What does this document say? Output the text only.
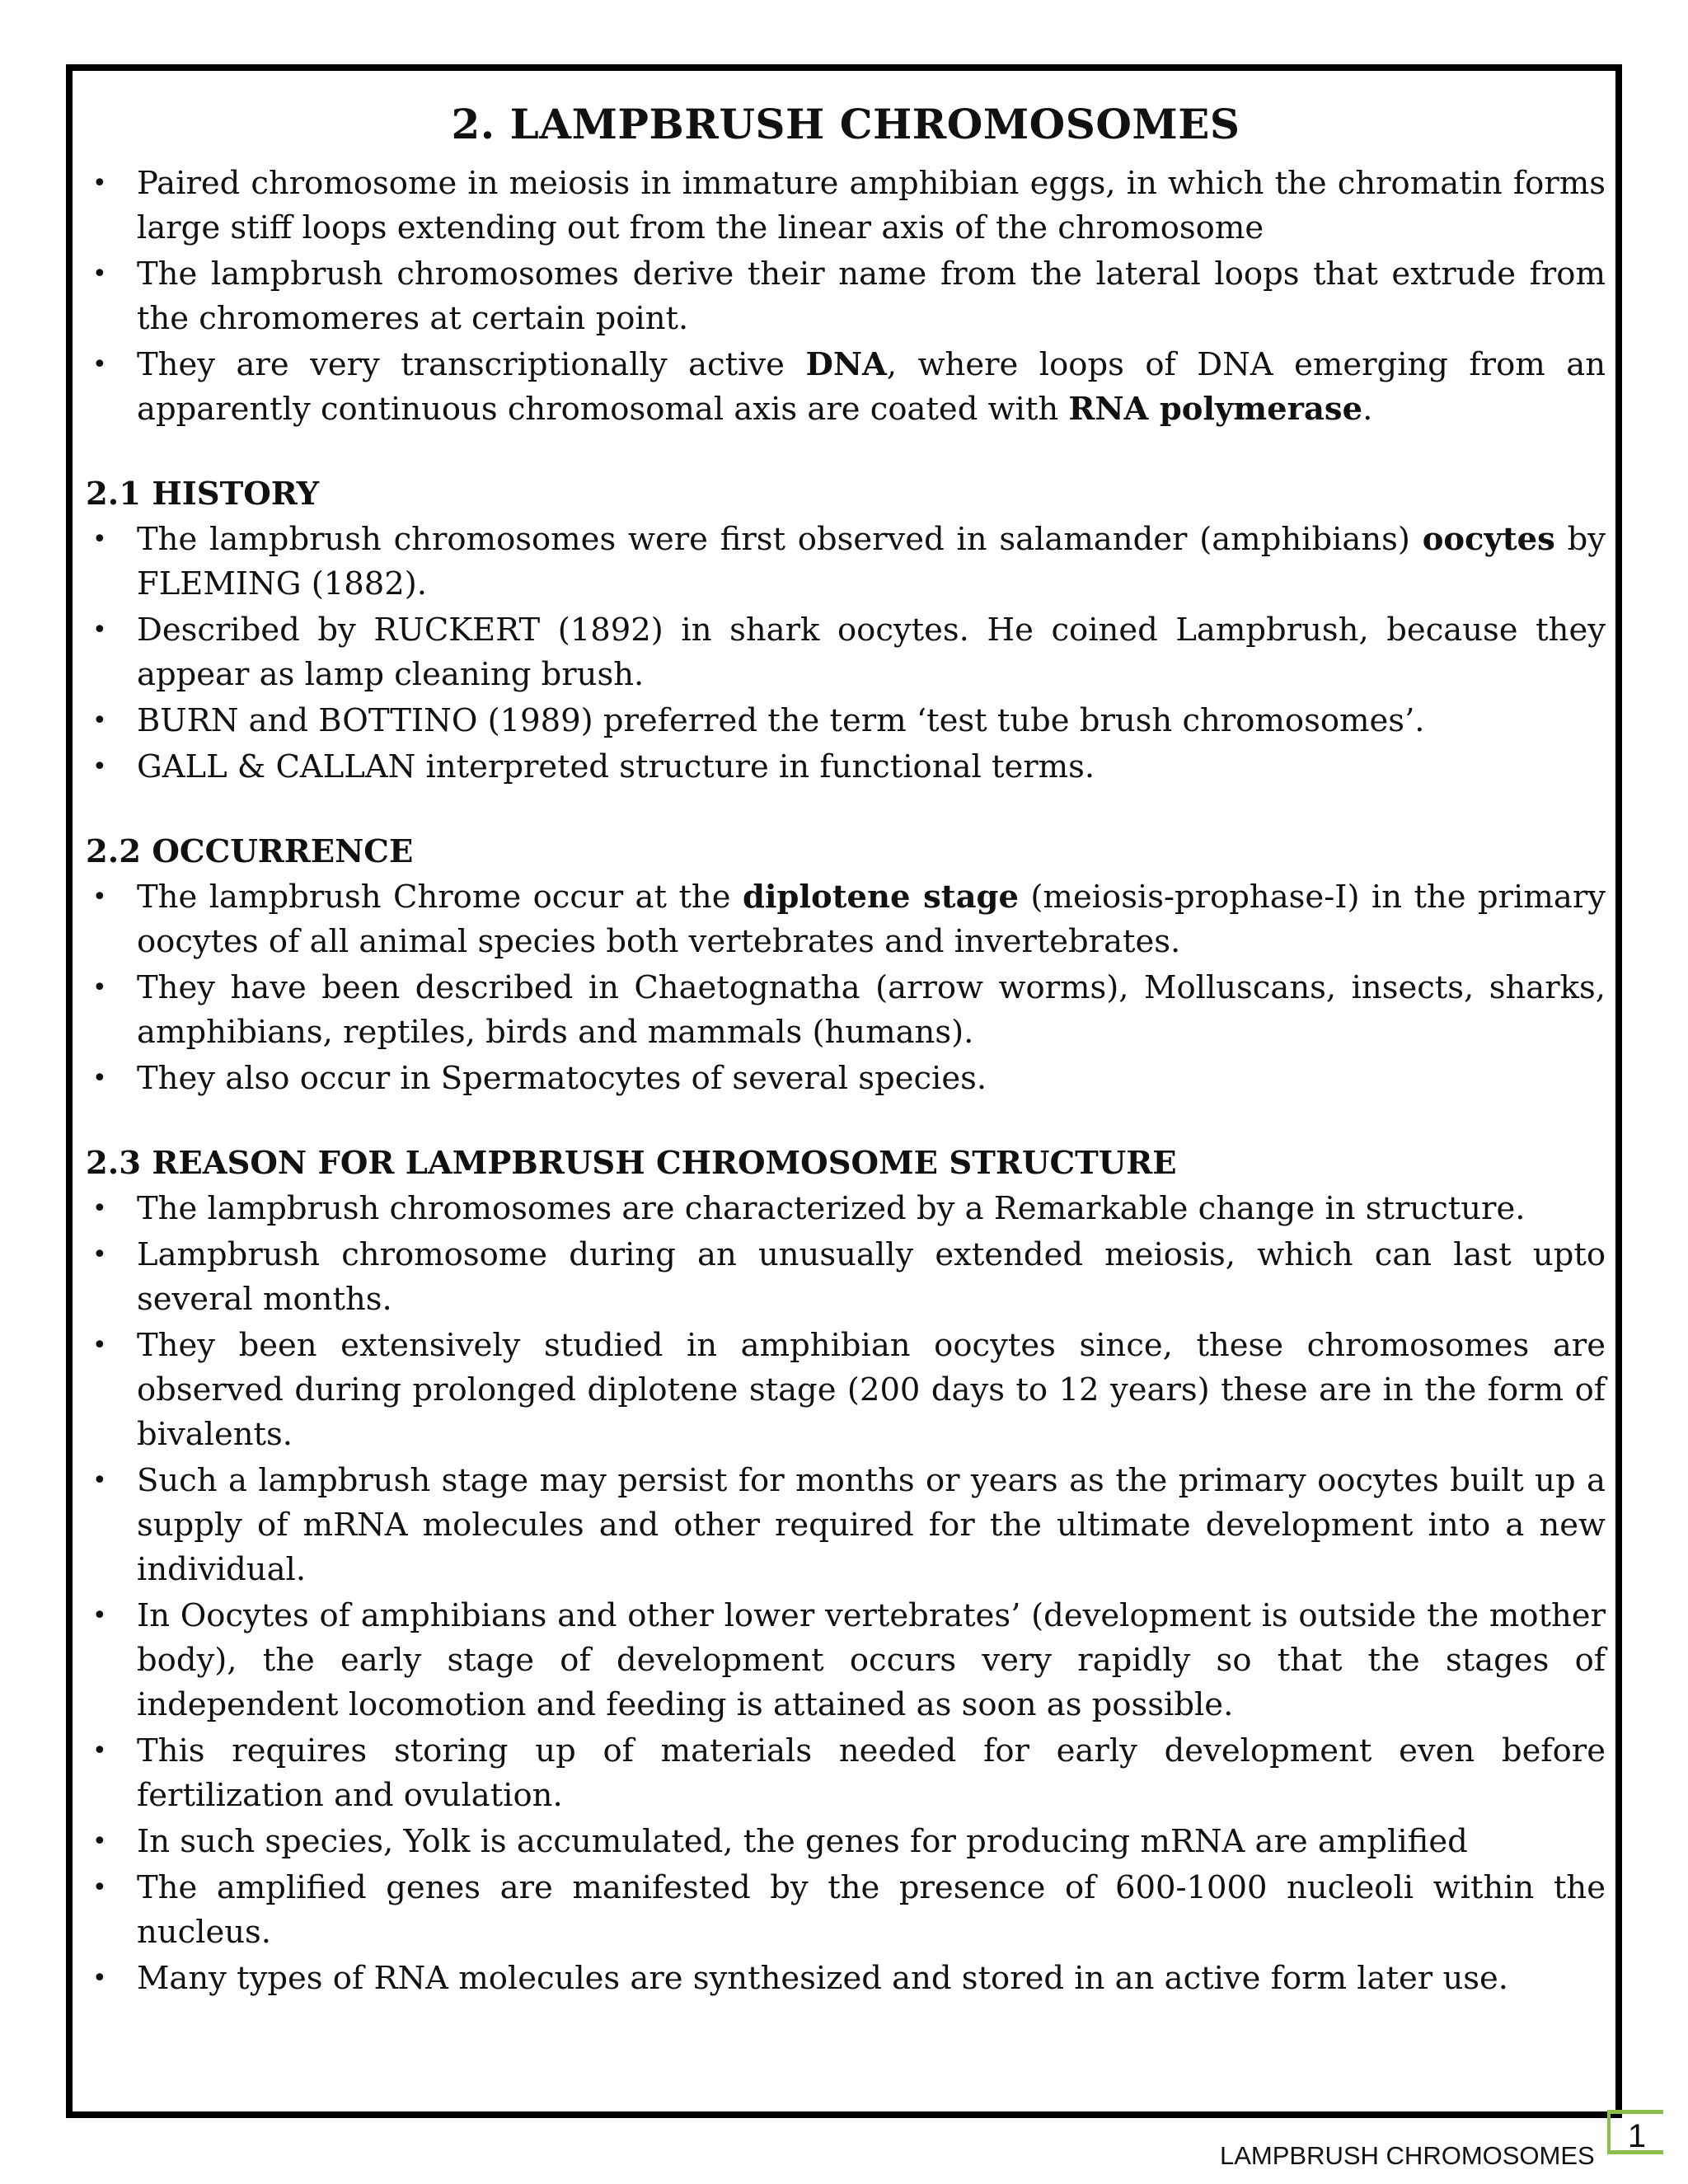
2. LAMPBRUSH CHROMOSOMES
• Paired chromosome in meiosis in immature amphibian eggs, in which the chromatin forms large stiff loops extending out from the linear axis of the chromosome
• The lampbrush chromosomes derive their name from the lateral loops that extrude from the chromomeres at certain point.
• They are very transcriptionally active DNA, where loops of DNA emerging from an apparently continuous chromosomal axis are coated with RNA polymerase.
2.1 HISTORY
• The lampbrush chromosomes were first observed in salamander (amphibians) oocytes by FLEMING (1882).
• Described by RUCKERT (1892) in shark oocytes. He coined Lampbrush, because they appear as lamp cleaning brush.
• BURN and BOTTINO (1989) preferred the term ‘test tube brush chromosomes’.
• GALL & CALLAN interpreted structure in functional terms.
2.2 OCCURRENCE
• The lampbrush Chrome occur at the diplotene stage (meiosis-prophase-I) in the primary oocytes of all animal species both vertebrates and invertebrates.
• They have been described in Chaetognatha (arrow worms), Molluscans, insects, sharks, amphibians, reptiles, birds and mammals (humans).
• They also occur in Spermatocytes of several species.
2.3 REASON FOR LAMPBRUSH CHROMOSOME STRUCTURE
• The lampbrush chromosomes are characterized by a Remarkable change in structure.
• Lampbrush chromosome during an unusually extended meiosis, which can last upto several months.
• They been extensively studied in amphibian oocytes since, these chromosomes are observed during prolonged diplotene stage (200 days to 12 years) these are in the form of bivalents.
• Such a lampbrush stage may persist for months or years as the primary oocytes built up a supply of mRNA molecules and other required for the ultimate development into a new individual.
• In Oocytes of amphibians and other lower vertebrates’ (development is outside the mother body), the early stage of development occurs very rapidly so that the stages of independent locomotion and feeding is attained as soon as possible.
• This requires storing up of materials needed for early development even before fertilization and ovulation.
• In such species, Yolk is accumulated, the genes for producing mRNA are amplified
• The amplified genes are manifested by the presence of 600-1000 nucleoli within the nucleus.
• Many types of RNA molecules are synthesized and stored in an active form later use.
LAMPBRUSH CHROMOSOMES
1
